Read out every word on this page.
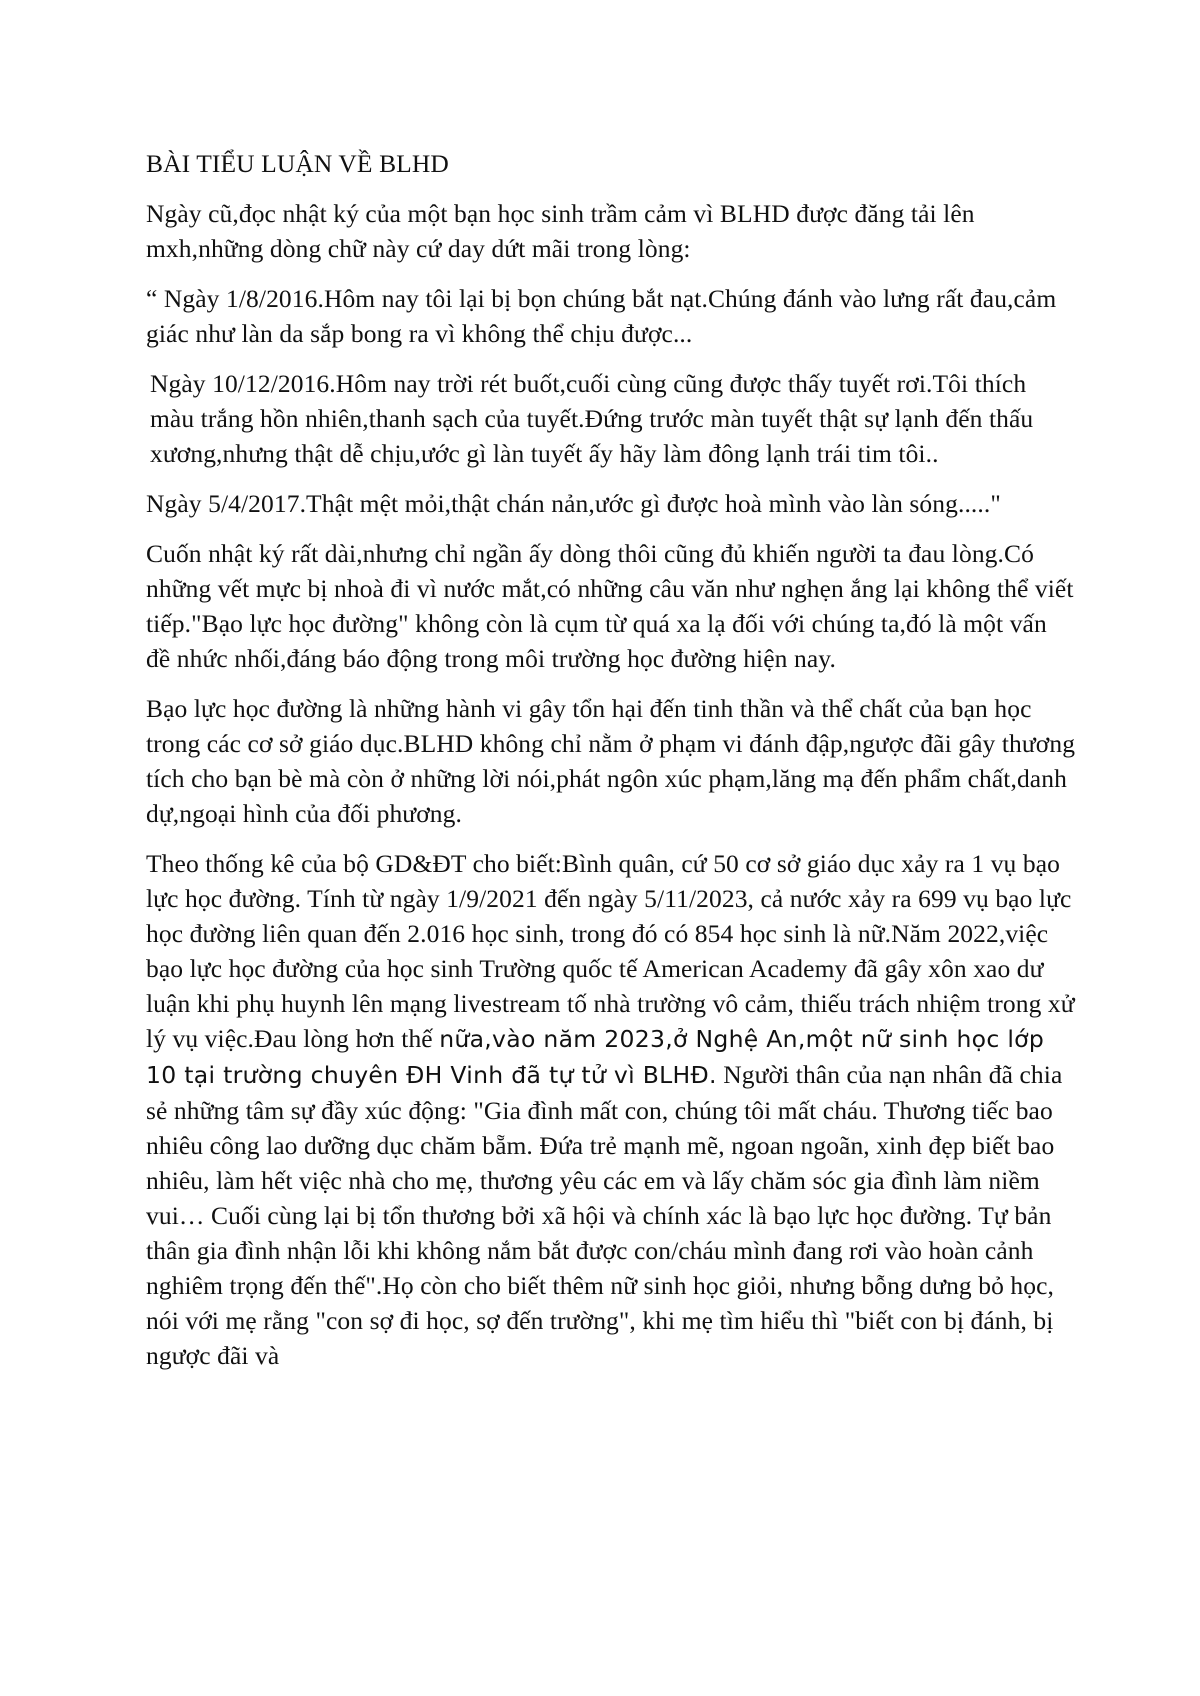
BÀI TIỂU LUẬN VỀ BLHD

Ngày cũ,đọc nhật ký của một bạn học sinh trầm cảm vì BLHD được đăng tải lên mxh,những dòng chữ này cứ day dứt mãi trong lòng:

“ Ngày 1/8/2016.Hôm nay tôi lại bị bọn chúng bắt nạt.Chúng đánh vào lưng rất đau,cảm giác như làn da sắp bong ra vì không thể chịu được...

Ngày 10/12/2016.Hôm nay trời rét buốt,cuối cùng cũng được thấy tuyết rơi.Tôi thích màu trắng hồn nhiên,thanh sạch của tuyết.Đứng trước màn tuyết thật sự lạnh đến thấu xương,nhưng thật dễ chịu,ước gì làn tuyết ấy hãy làm đông lạnh trái tim tôi..

Ngày 5/4/2017.Thật mệt mỏi,thật chán nản,ước gì được hoà mình vào làn sóng....."

Cuốn nhật ký rất dài,nhưng chỉ ngần ấy dòng thôi cũng đủ khiến người ta đau lòng.Có những vết mực bị nhoà đi vì nước mắt,có những câu văn như nghẹn ắng lại không thể viết tiếp."Bạo lực học đường" không còn là cụm từ quá xa lạ đối với chúng ta,đó là một vấn đề nhức nhối,đáng báo động trong môi trường học đường hiện nay.

Bạo lực học đường là những hành vi gây tổn hại đến tinh thần và thể chất của bạn học trong các cơ sở giáo dục.BLHD không chỉ nằm ở phạm vi đánh đập,ngược đãi gây thương tích cho bạn bè mà còn ở những lời nói,phát ngôn xúc phạm,lăng mạ đến phẩm chất,danh dự,ngoại hình của đối phương.

Theo thống kê của bộ GD&ĐT cho biết:Bình quân, cứ 50 cơ sở giáo dục xảy ra 1 vụ bạo lực học đường. Tính từ ngày 1/9/2021 đến ngày 5/11/2023, cả nước xảy ra 699 vụ bạo lực học đường liên quan đến 2.016 học sinh, trong đó có 854 học sinh là nữ.Năm 2022,việc bạo lực học đường của học sinh Trường quốc tế American Academy đã gây xôn xao dư luận khi phụ huynh lên mạng livestream tố nhà trường vô cảm, thiếu trách nhiệm trong xử lý vụ việc.Đau lòng hơn thế nữa,vào năm 2023,ở Nghệ An,một nữ sinh học lớp 10 tại trường chuyên ĐH Vinh đã tự tử vì BLHĐ. Người thân của nạn nhân đã chia sẻ những tâm sự đầy xúc động: "Gia đình mất con, chúng tôi mất cháu. Thương tiếc bao nhiêu công lao dưỡng dục chăm bẵm. Đứa trẻ mạnh mẽ, ngoan ngoãn, xinh đẹp biết bao nhiêu, làm hết việc nhà cho mẹ, thương yêu các em và lấy chăm sóc gia đình làm niềm vui… Cuối cùng lại bị tổn thương bởi xã hội và chính xác là bạo lực học đường. Tự bản thân gia đình nhận lỗi khi không nắm bắt được con/cháu mình đang rơi vào hoàn cảnh nghiêm trọng đến thế".Họ còn cho biết thêm nữ sinh học giỏi, nhưng bỗng dưng bỏ học, nói với mẹ rằng "con sợ đi học, sợ đến trường", khi mẹ tìm hiểu thì "biết con bị đánh, bị ngược đãi và
